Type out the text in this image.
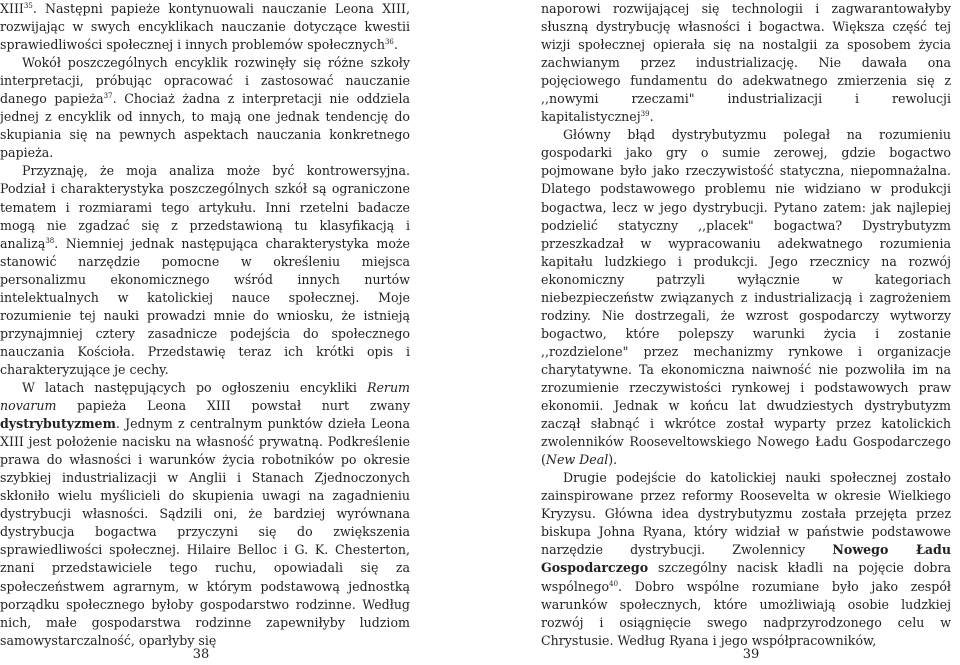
XIII$^{35}$. Następni papieże kontynuowali nauczanie Leona XIII, rozwijając w swych encyklikach nauczanie dotyczące kwestii sprawiedliwości społecznej i innych problemów społecznych$^{36}$.

Wokół poszczególnych encyklik rozwinęły się różne szkoły interpretacji, próbując opracować i zastosować nauczanie danego papieża$^{37}$. Chociaż żadna z interpretacji nie oddziela jednej z encyklik od innych, to mają one jednak tendencję do skupiania się na pewnych aspektach nauczania konkretnego papieża.

Przyznaję, że moja analiza może być kontrowersyjna. Podział i charakterystyka poszczególnych szkół są ograniczone tematem i rozmiarami tego artykułu. Inni rzetelni badacze mogą nie zgadzać się z przedstawioną tu klasyfikacją i analizą$^{38}$. Niemniej jednak następująca charakterystyka może stanowić narzędzie pomocne w określeniu miejsca personalizmu ekonomicznego wśród innych nurtów intelektualnych w katolickiej nauce społecznej. Moje rozumienie tej nauki prowadzi mnie do wniosku, że istnieją przynajmniej cztery zasadnicze podejścia do społecznego nauczania Kościoła. Przedstawię teraz ich krótki opis i charakteryzujące je cechy.

W latach następujących po ogłoszeniu encykliki Rerum novarum papieża Leona XIII powstał nurt zwany dystrybutyzmem. Jednym z centralnym punktów dzieła Leona XIII jest położenie nacisku na własność prywatną. Podkreślenie prawa do własności i warunków życia robotników po okresie szybkiej industrializacji w Anglii i Stanach Zjednoczonych skłoniło wielu myślicieli do skupienia uwagi na zagadnieniu dystrybucji własności. Sądzili oni, że bardziej wyrównana dystrybucja bogactwa przyczyni się do zwiększenia sprawiedliwości społecznej. Hilaire Belloc i G. K. Chesterton, znani przedstawiciele tego ruchu, opowiadali się za społeczeństwem agrarnym, w którym podstawową jednostką porządku społecznego byłoby gospodarstwo rodzinne. Według nich, małe gospodarstwa rodzinne zapewniłyby ludziom samowystarczalność, oparłyby się

38

naporowi rozwijającej się technologii i zagwarantowałyby słuszną dystrybucję własności i bogactwa. Większa część tej wizji społecznej opierała się na nostalgii za sposobem życia zachwianym przez industrializację. Nie dawała ona pojęciowego fundamentu do adekwatnego zmierzenia się z ,,nowymi rzeczami" industrializacji i rewolucji kapitalistycznej$^{39}$.

Główny błąd dystrybutyzmu polegał na rozumieniu gospodarki jako gry o sumie zerowej, gdzie bogactwo pojmowane było jako rzeczywistość statyczna, niepomnażalna. Dlatego podstawowego problemu nie widziano w produkcji bogactwa, lecz w jego dystrybucji. Pytano zatem: jak najlepiej podzielić statyczny ,,placek" bogactwa? Dystrybutyzm przeszkadzał w wypracowaniu adekwatnego rozumienia kapitału ludzkiego i produkcji. Jego rzecznicy na rozwój ekonomiczny patrzyli wyłącznie w kategoriach niebezpieczeństw związanych z industrializacją i zagrożeniem rodziny. Nie dostrzegali, że wzrost gospodarczy wytworzy bogactwo, które polepszy warunki życia i zostanie ,,rozdzielone" przez mechanizmy rynkowe i organizacje charytatywne. Ta ekonomiczna naiwność nie pozwoliła im na zrozumienie rzeczywistości rynkowej i podstawowych praw ekonomii. Jednak w końcu lat dwudziestych dystrybutyzm zaczął słabnąć i wkrótce został wyparty przez katolickich zwolenników Rooseveltowskiego Nowego Ładu Gospodarczego (New Deal).

Drugie podejście do katolickiej nauki społecznej zostało zainspirowane przez reformy Roosevelta w okresie Wielkiego Kryzysu. Główna idea dystrybutyzmu została przejęta przez biskupa Johna Ryana, który widział w państwie podstawowe narzędzie dystrybucji. Zwolennicy Nowego Ładu Gospodarczego szczególny nacisk kładli na pojęcie dobra wspólnego$^{40}$. Dobro wspólne rozumiane było jako zespół warunków społecznych, które umożliwiają osobie ludzkiej rozwój i osiągnięcie swego nadprzyrodzonego celu w Chrystusie. Według Ryana i jego współpracowników,

39
